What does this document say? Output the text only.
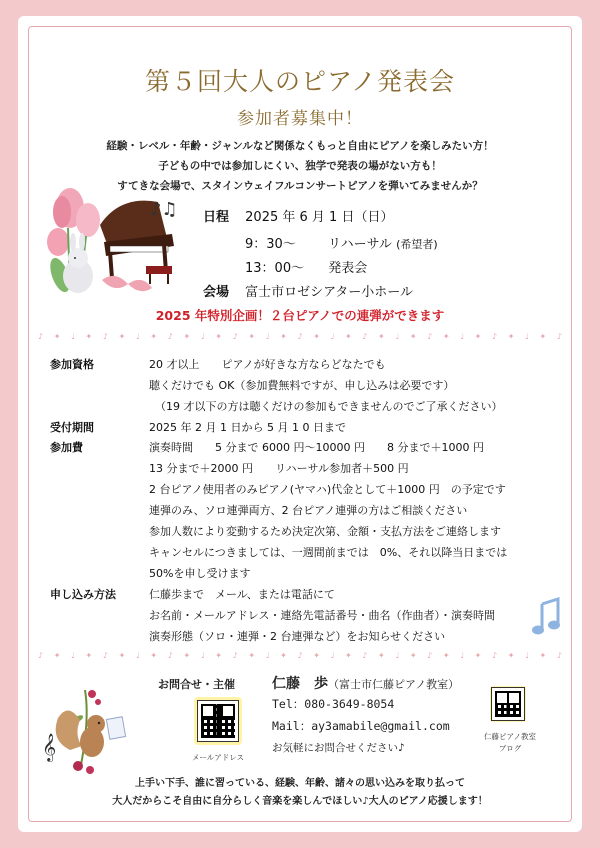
第５回大人のピアノ発表会
参加者募集中！
経験・レベル・年齢・ジャンルなど関係なくもっと自由にピアノを楽しみたい方！
子どもの中では参加しにくい、独学で発表の場がない方も！
すてきな会場で、スタインウェイフルコンサートピアノを弾いてみませんか？
♪♫ 日程 2025 年 6 月 1 日（日）
9：30～ リハーサル (希望者)
13：00～ 発表会
会場 富士市ロゼシアター小ホール
2025 年特別企画！２台ピアノでの連弾ができます
♪ ✦ ♩ ✦ ♪ ✦ ♩ ✦ ♪ ✦ ♩ ✦ ♪ ✦ ♩ ✦ ♪ ✦ ♩ ✦ ♪ ✦ ♩ ✦ ♪ ✦ ♩ ✦ ♪ ✦ ♩ ✦ ♪
参加資格	20 才以上　　ピアノが好きな方ならどなたでも
聴くだけでも OK（参加費無料ですが、申し込みは必要です）
（19 才以下の方は聴くだけの参加もできませんのでご了承ください）
受付期間	2025 年 2 月 1 日から 5 月 1 0 日まで
参加費	演奏時間　　5 分まで 6000 円～10000 円　　8 分まで＋1000 円
13 分まで＋2000 円　　リハーサル参加者＋500 円
2 台ピアノ使用者のみピアノ(ヤマハ)代金として＋1000 円　の予定です
連弾のみ、ソロ連弾両方、2 台ピアノ連弾の方はご相談ください
参加人数により変動するため決定次第、金額・支払方法をご連絡します
キャンセルにつきましては、一週間前までは　0%、それ以降当日までは
50%を申し受けます
申し込み方法	仁藤歩まで　メール、または電話にて
お名前・メールアドレス・連絡先電話番号・曲名（作曲者）・演奏時間
演奏形態（ソロ・連弾・2 台連弾など）をお知らせください
♪ ✦ ♩ ✦ ♪ ✦ ♩ ✦ ♪ ✦ ♩ ✦ ♪ ✦ ♩ ✦ ♪ ✦ ♩ ✦ ♪ ✦ ♩ ✦ ♪ ✦ ♩ ✦ ♪ ✦ ♩ ✦ ♪
𝄞
お問合せ・主催
メールアドレス
仁藤　歩（富士市仁藤ピアノ教室）
Tel：080-3649-8054
Mail：ay3amabile@gmail.com
お気軽にお問合せください♪
仁藤ピアノ教室
ブログ
上手い下手、誰に習っている、経験、年齢、諸々の思い込みを取り払って
大人だからこそ自由に自分らしく音楽を楽しんでほしい♪大人のピアノ応援します！
